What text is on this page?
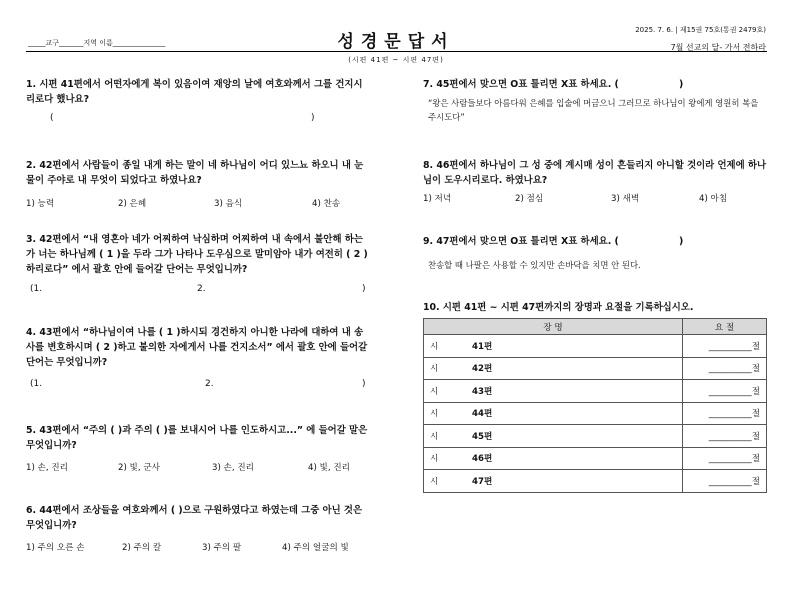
_____교구_______지역 이름_______________	성경문답서
(시편 41편 ~ 시편 47편)
2025. 7. 6. | 제15권 75호(통권 2479호)
7월 선교의 달- 가서 전하라
1. 시편 41편에서 어떤자에게 복이 있음이여 재앙의 날에 여호와께서 그를 건지시리로다 했나요?
(	)
2. 42편에서 사람들이 종일 내게 하는 말이 네 하나님이 어디 있느뇨 하오니 내 눈물이 주야로 내 무엇이 되었다고 하였나요?
1) 능력	2) 은혜	3) 음식	4) 찬송
3. 42편에서 “내 영혼아 네가 어찌하여 낙심하며 어찌하여 내 속에서 불안해 하는가 너는 하나님께 ( 1 )을 두라 그가 나타나 도우심으로 말미암아 내가 여전히 ( 2 )하리로다” 에서 괄호 안에 들어갈 단어는 무엇입니까?
(1.	2.	)
4. 43편에서 “하나님이여 나를 ( 1 )하시되 경건하지 아니한 나라에 대하여 내 송사를 변호하시며 ( 2 )하고 불의한 자에게서 나를 건지소서” 에서 괄호 안에 들어갈 단어는 무엇입니까?
(1.	2.	)
5. 43편에서 “주의 ( )과 주의 ( )를 보내시어 나를 인도하시고...” 에 들어갈 말은 무엇입니까?
1) 손, 진리	2) 빛, 군사	3) 손, 진리	4) 빛, 진리
6. 44편에서 조상들을 여호와께서 ( )으로 구원하였다고 하였는데 그중 아닌 것은 무엇입니까?
1) 주의 오른 손	2) 주의 칼	3) 주의 팔	4) 주의 얼굴의 빛
7. 45편에서 맞으면 O표 틀리면 X표 하세요. (	)
“왕은 사람들보다 아름다워 은혜를 입술에 머금으니 그러므로 하나님이 왕에게 영원히 복을 주시도다”
8. 46편에서 하나님이 그 성 중에 계시매 성이 흔들리지 아니할 것이라 언제에 하나님이 도우시리로다. 하였나요?
1) 저녁	2) 점심	3) 새벽	4) 아침
9. 47편에서 맞으면 O표 틀리면 X표 하세요. (	)
찬송할 때 나팔은 사용할 수 있지만 손바닥을 치면 안 된다.
10. 시편 41편 ~ 시편 47편까지의 장명과 요절을 기록하십시오.
장 명	요 절
시 41편	__________절

시 42편	__________절

시 43편	__________절

시 44편	__________절

시 45편	__________절

시 46편	__________절

시 47편	__________절
